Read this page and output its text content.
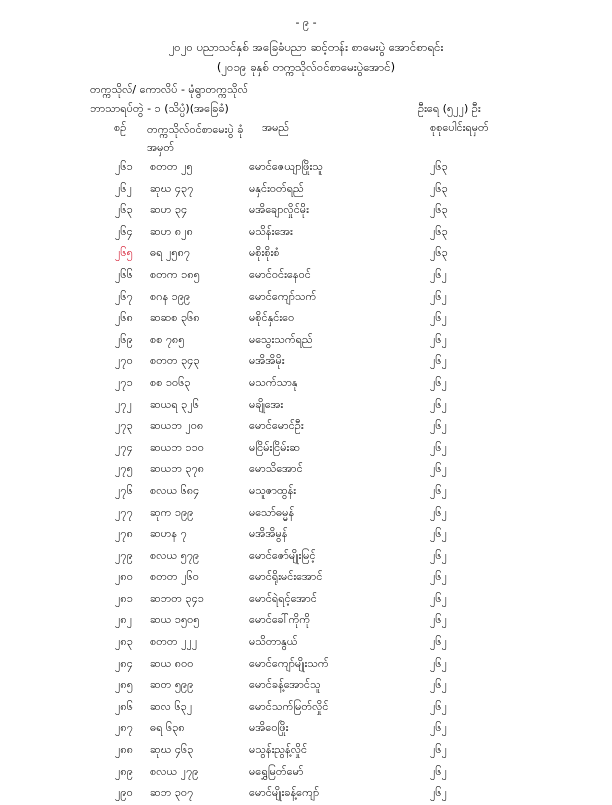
- ၉ -
၂၀၂၀ ပညာသင်နှစ် အခြေခံပညာ ဆင့်တန်း စာမေးပွဲ အောင်စာရင်း
(၂၀၁၉ ခုနှစ် တက္ကသိုလ်ဝင်စာမေးပွဲအောင်)
တက္ကသိုလ်/ ကောလိပ် - မုံရွာတက္ကသိုလ်
ဘာသာရပ်တွဲ - ၁ (သိပ္ပံ)(အခြေခံ)	ဦးရေ (၅၂၂) ဦး
စဉ် တက္ကသိုလ်ဝင်စာမေးပွဲ ခုံအမှတ်
အမည်	စုစုပေါင်းရမှတ်
၂၆၁ စတတ ၂၅	မောင်ဇေယျာဖြိုးသူ	၂၆၃
၂၆၂ ဆုဃ ၄၃၇	မနှင်းဝတ်ရည်	၂၆၃
၂၆၃ ဆဟ ၃၄	မအိချောလှိုင်မိုး	၂၆၃
၂၆၄ ဆဟ ၈၂၈	မသိန်းအေး	၂၆၃
၂၆၅ ဓရ ၂၅၈၇	မစိုးစိုးစံ	၂၆၃
၂၆၆ စတက ၁၈၅	မောင်ဝင်းနေဝင်	၂၆၂
၂၆၇ စဂန ၁၉၉	မောင်ကျော်သက်	၂၆၂
၂၆၈ ဆဆစ ၃၆၈	မစိုင်နှင်းဝေ	၂၆၂
၂၆၉ စစ ၇၈၅	မသွေးသက်ရည်	၂၆၂
၂၇၀ စတတ ၃၄၃	မအိအိမိုး	၂၆၂
၂၇၁ စစ ၁၀၆၃	မသက်သာနု	၂၆၂
၂၇၂ ဆယရ ၃၂၆	မချိုအေး	၂၆၂
၂၇၃ ဆယဘ ၂၀၈	မောင်မောင်ဦး	၂၆၂
၂၇၄ ဆယဘ ၁၁၀	မငြိမ်းငြိမ်းဆ	၂၆၂
၂၇၅ ဆယဘ ၃၇၈	မောသိအောင်	၂၆၂
၂၇၆ စလယ ၆၈၄	မသူဇာထွန်း	၂၆၂
၂၇၇ ဆုက ၁၉၉	မသော်ဓမ္မန်	၂၆၂
၂၇၈ ဆဟန ၇	မအိအိမွန်	၂၆၂
၂၇၉ စလယ ၅၇၉	မောင်ဇော်မျိုးမြင့်	၂၆၂
၂၈၀ စတတ ၂၆၀	မောင်ရိုးမင်းအောင်	၂၆၂
၂၈၁ ဆဘတ ၃၄၁	မောင်ရဲရင့်အောင်	၂၆၂
၂၈၂ ဆယ ၁၅၀၅	မောင်ခေါ်ကိုကို	၂၆၂
၂၈၃ စတတ ၂၂၂	မသိတာနွယ်	၂၆၂
၂၈၄ ဆယ ၈၀၀	မောင်ကျော်မျိုးသက်	၂၆၂
၂၈၅ ဆတ ၅၉၉	မောင်ခန့်အောင်သူ	၂၆၂
၂၈၆ ဆလ ၆၃၂	မောင်သက်မြတ်လှိုင်	၂၆၂
၂၈၇ ဓရ ၆၃၈	မအိဝေဖြိုး	၂၆၂
၂၈၈ ဆုဃ ၄၆၃	မသွန်းညွန့်လှိုင်	၂၆၂
၂၈၉ စလယ ၂၇၉	မရွှေမြတ်မော်	၂၆၂
၂၉၀ ဆဘ ၃၀၇	မောင်မျိုးခန့်ကျော်	၂၆၂
